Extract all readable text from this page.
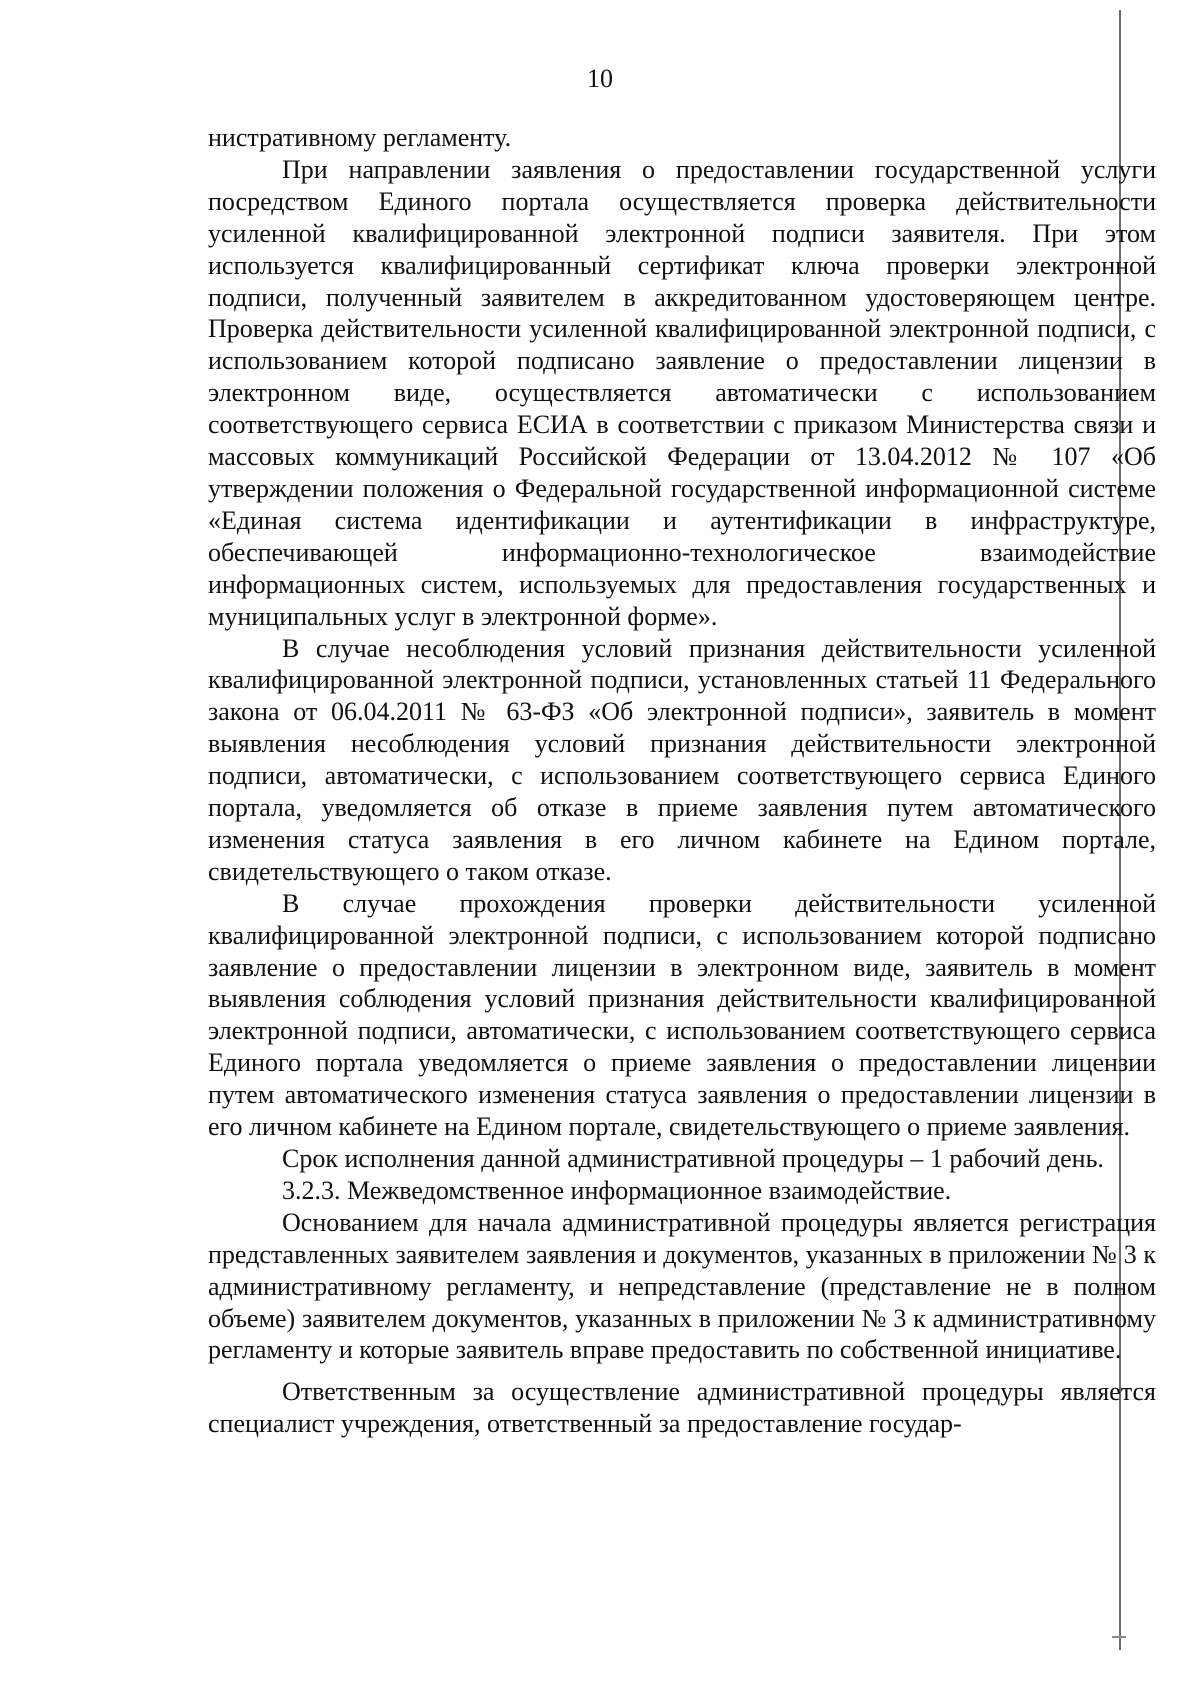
10

нистративному регламенту.

При направлении заявления о предоставлении государственной услуги посредством Единого портала осуществляется проверка действительности усиленной квалифицированной электронной подписи заявителя. При этом используется квалифицированный сертификат ключа проверки электронной подписи, полученный заявителем в аккредитованном удостоверяющем центре. Проверка действительности усиленной квалифицированной электронной подписи, с использованием которой подписано заявление о предоставлении лицензии в электронном виде, осуществляется автоматически с использованием соответствующего сервиса ЕСИА в соответствии с приказом Министерства связи и массовых коммуникаций Российской Федерации от 13.04.2012 № 107 «Об утверждении положения о Федеральной государственной информационной системе «Единая система идентификации и аутентификации в инфраструктуре, обеспечивающей информационно-технологическое взаимодействие информационных систем, используемых для предоставления государственных и муниципальных услуг в электронной форме».

В случае несоблюдения условий признания действительности усиленной квалифицированной электронной подписи, установленных статьей 11 Федерального закона от 06.04.2011 № 63-ФЗ «Об электронной подписи», заявитель в момент выявления несоблюдения условий признания действительности электронной подписи, автоматически, с использованием соответствующего сервиса Единого портала, уведомляется об отказе в приеме заявления путем автоматического изменения статуса заявления в его личном кабинете на Едином портале, свидетельствующего о таком отказе.

В случае прохождения проверки действительности усиленной квалифицированной электронной подписи, с использованием которой подписано заявление о предоставлении лицензии в электронном виде, заявитель в момент выявления соблюдения условий признания действительности квалифицированной электронной подписи, автоматически, с использованием соответствующего сервиса Единого портала уведомляется о приеме заявления о предоставлении лицензии путем автоматического изменения статуса заявления о предоставлении лицензии в его личном кабинете на Едином портале, свидетельствующего о приеме заявления.

Срок исполнения данной административной процедуры – 1 рабочий день.

3.2.3. Межведомственное информационное взаимодействие.

Основанием для начала административной процедуры является регистрация представленных заявителем заявления и документов, указанных в приложении № 3 к административному регламенту, и непредставление (представление не в полном объеме) заявителем документов, указанных в приложении № 3 к административному регламенту и которые заявитель вправе предоставить по собственной инициативе.

Ответственным за осуществление административной процедуры является специалист учреждения, ответственный за предоставление государ-
